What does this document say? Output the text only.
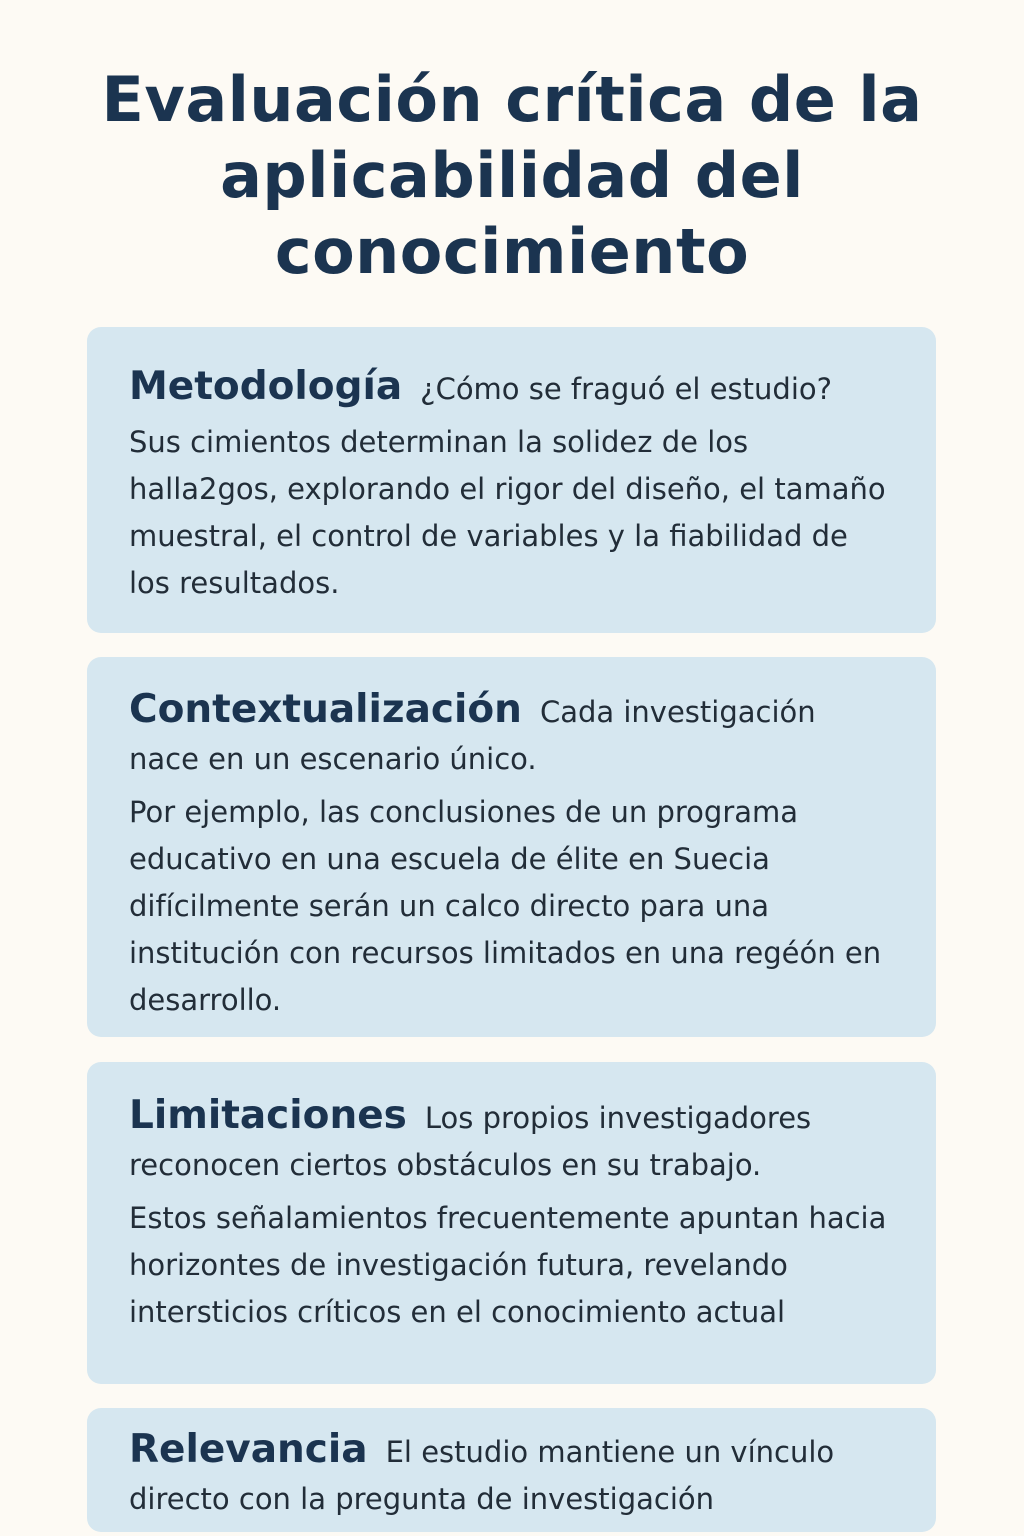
Evaluación crítica de la aplicabilidad del conocimiento

Metodología ¿Cómo se fraguó el estudio?

Sus cimientos determinan la solidez de los halla2gos, explorando el rigor del diseño, el tamaño muestral, el control de variables y la fiabilidad de los resultados.

Contextualización Cada investigación nace en un escenario único.

Por ejemplo, las conclusiones de un programa educativo en una escuela de élite en Suecia difícilmente serán un calco directo para una institución con recursos limitados en una regéón en desarrollo.

Limitaciones Los propios investigadores reconocen ciertos obstáculos en su trabajo.

Estos señalamientos frecuentemente apuntan hacia horizontes de investigación futura, revelando intersticios críticos en el conocimiento actual

Relevancia El estudio mantiene un vínculo directo con la pregunta de investigación
